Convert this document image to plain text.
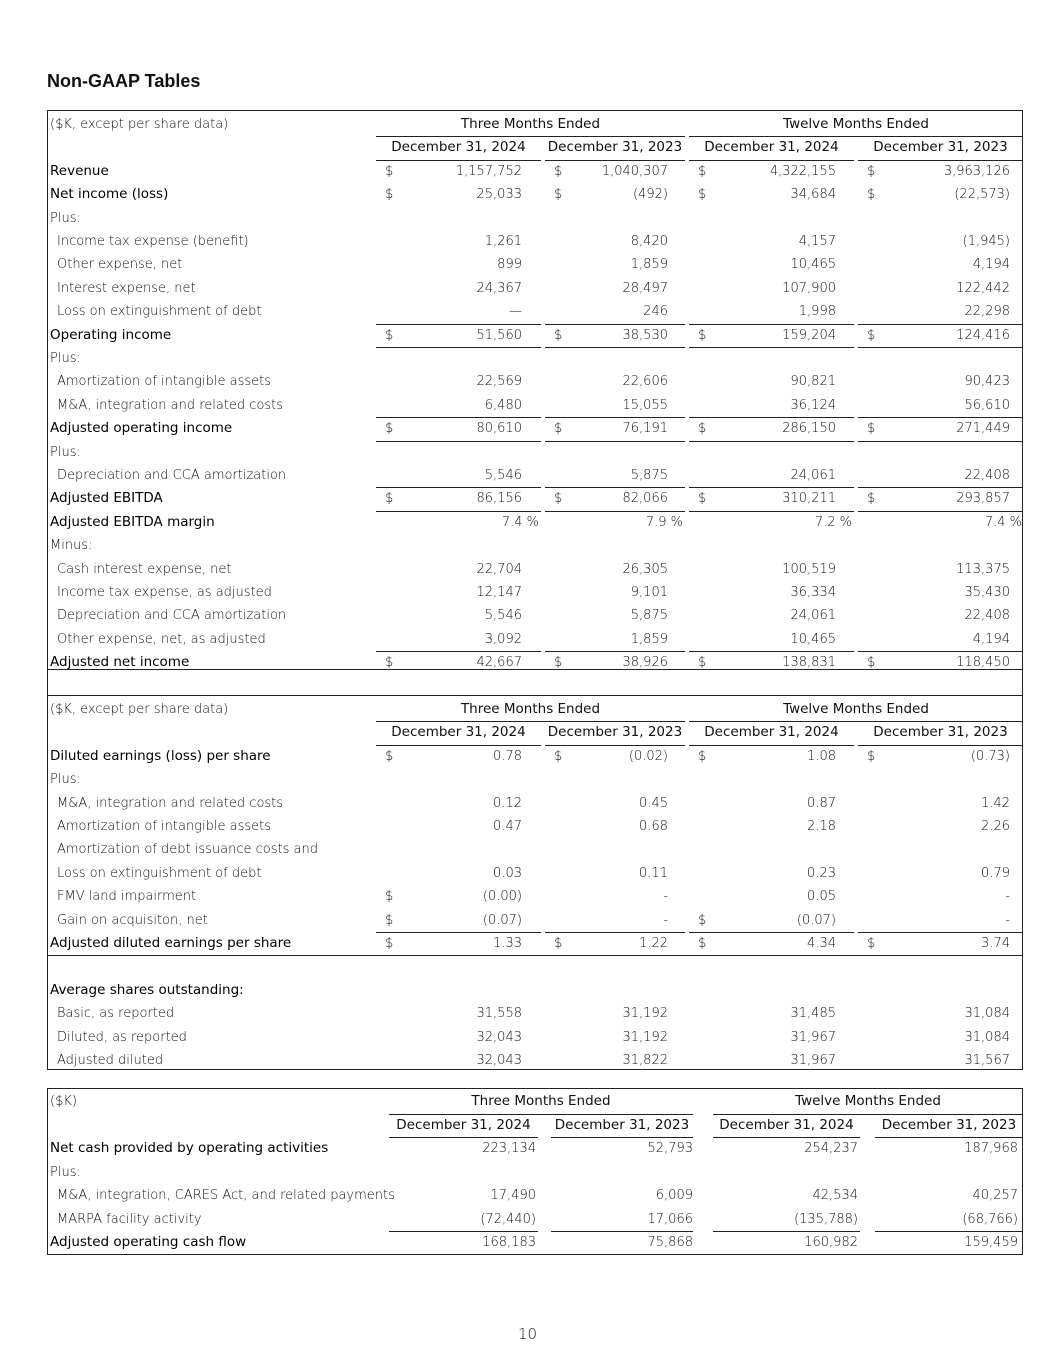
Non-GAAP Tables
($K, except per share data)	Three Months Ended	Twelve Months Ended
December 31, 2024	December 31, 2023	December 31, 2024	December 31, 2023
Revenue	$	1,157,752 $	1,040,307 $	4,322,155 $	3,963,126
Net income (loss)	$	25,033 $	(492) $	34,684 $	(22,573)
Plus:
Income tax expense (benefit)	1,261	8,420	4,157	(1,945)
Other expense, net	899	1,859	10,465	4,194
Interest expense, net	24,367	28,497	107,900	122,442
Loss on extinguishment of debt	—	246	1,998	22,298
Operating income	$	51,560 $	38,530 $	159,204 $	124,416
Plus:
Amortization of intangible assets	22,569	22,606	90,821	90,423
M&A, integration and related costs	6,480	15,055	36,124	56,610
Adjusted operating income	$	80,610 $	76,191 $	286,150 $	271,449
Plus:
Depreciation and CCA amortization	5,546	5,875	24,061	22,408
Adjusted EBITDA	$	86,156 $	82,066 $	310,211 $	293,857
Adjusted EBITDA margin	7.4 %	7.9 %	7.2 %	7.4 %
Minus:
Cash interest expense, net	22,704	26,305	100,519	113,375
Income tax expense, as adjusted	12,147	9,101	36,334	35,430
Depreciation and CCA amortization	5,546	5,875	24,061	22,408
Other expense, net, as adjusted	3,092	1,859	10,465	4,194
Adjusted net income	$	42,667 $	38,926 $	138,831 $	118,450
($K, except per share data)	Three Months Ended	Twelve Months Ended
December 31, 2024	December 31, 2023	December 31, 2024	December 31, 2023
Diluted earnings (loss) per share	$	0.78 $	(0.02) $	1.08 $	(0.73)
Plus:
M&A, integration and related costs	0.12	0.45	0.87	1.42
Amortization of intangible assets	0.47	0.68	2.18	2.26
Amortization of debt issuance costs and
Loss on extinguishment of debt	0.03	0.11	0.23	0.79
FMV land impairment	$	(0.00)	-	0.05	-
Gain on acquisiton, net	$	(0.07)	- $	(0.07)	-
Adjusted diluted earnings per share	$	1.33 $	1.22 $	4.34 $	3.74
Average shares outstanding:
Basic, as reported	31,558	31,192	31,485	31,084
Diluted, as reported	32,043	31,192	31,967	31,084
Adjusted diluted	32,043	31,822	31,967	31,567
($K)	Three Months Ended	Twelve Months Ended
December 31, 2024	December 31, 2023	December 31, 2024	December 31, 2023
Net cash provided by operating activities	223,134	52,793	254,237	187,968
Plus:
M&A, integration, CARES Act, and related payments	17,490	6,009	42,534	40,257
MARPA facility activity	(72,440)	17,066	(135,788)	(68,766)
Adjusted operating cash flow	168,183	75,868	160,982	159,459
10
